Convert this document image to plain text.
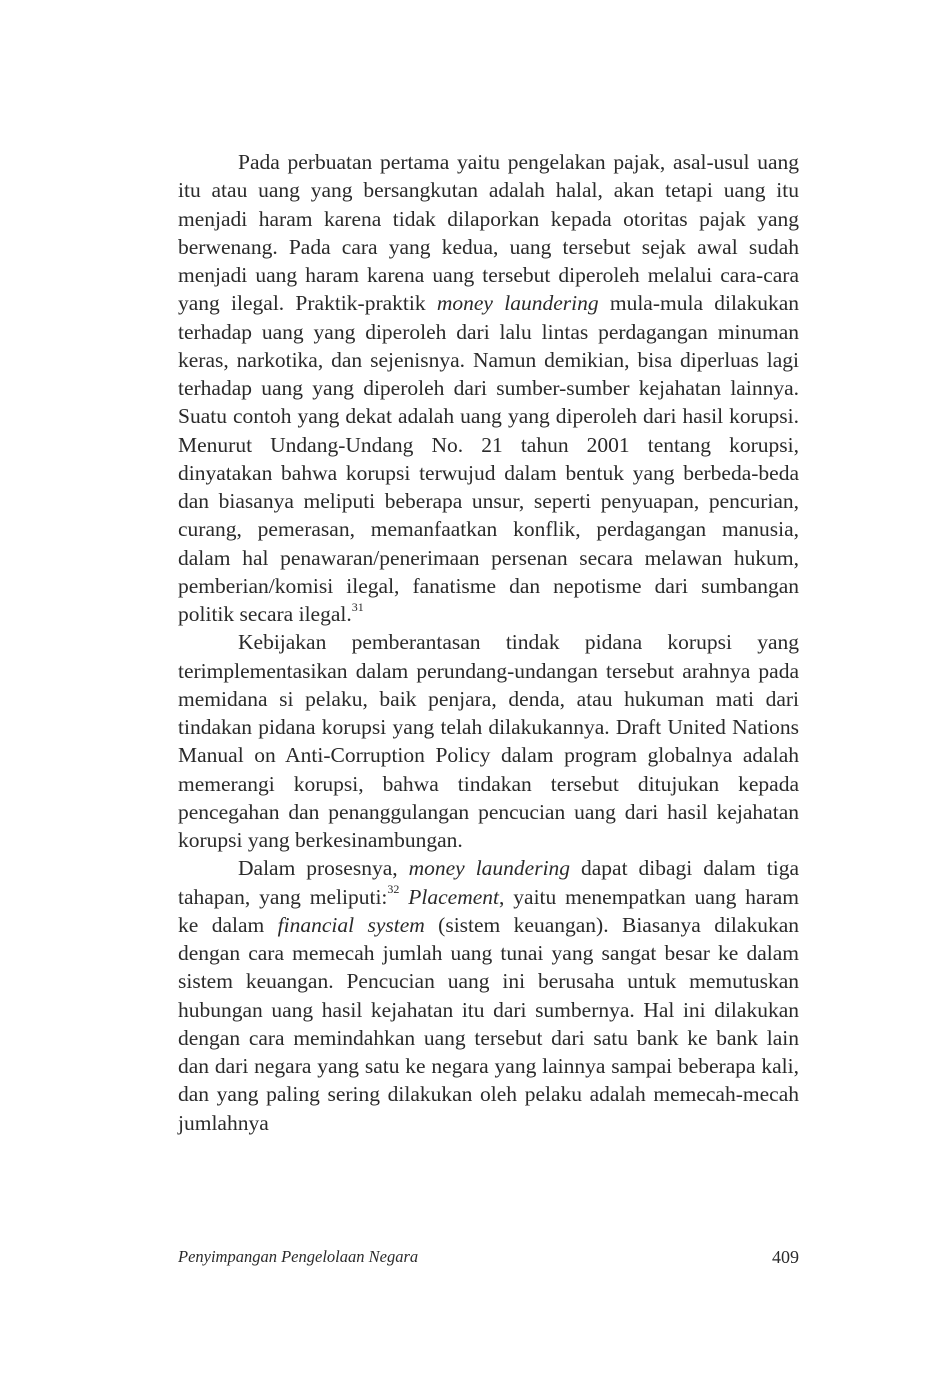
Pada perbuatan pertama yaitu pengelakan pajak, asal-usul uang itu atau uang yang bersangkutan adalah halal, akan tetapi uang itu menjadi haram karena tidak dilaporkan kepada otoritas pajak yang berwenang. Pada cara yang kedua, uang tersebut sejak awal sudah menjadi uang haram karena uang tersebut diperoleh melalui cara-cara yang ilegal. Praktik-praktik money laundering mula-mula dilakukan terhadap uang yang diperoleh dari lalu lintas perdagangan minuman keras, narkotika, dan sejenisnya. Namun demikian, bisa diperluas lagi terhadap uang yang diperoleh dari sumber-sumber kejahatan lainnya. Suatu contoh yang dekat adalah uang yang diperoleh dari hasil korupsi. Menurut Undang-Undang No. 21 tahun 2001 tentang korupsi, dinyatakan bahwa korupsi terwujud dalam bentuk yang berbeda-beda dan biasanya meliputi beberapa unsur, seperti penyuapan, pencurian, curang, pemerasan, memanfaatkan konflik, perdagangan manusia, dalam hal penawaran/penerimaan persenan secara melawan hukum, pemberian/komisi ilegal, fanatisme dan nepotisme dari sumbangan politik secara ilegal.$^{31}$

Kebijakan pemberantasan tindak pidana korupsi yang terimplementasikan dalam perundang-undangan tersebut arahnya pada memidana si pelaku, baik penjara, denda, atau hukuman mati dari tindakan pidana korupsi yang telah dilakukannya. Draft United Nations Manual on Anti-Corruption Policy dalam program globalnya adalah memerangi korupsi, bahwa tindakan tersebut ditujukan kepada pencegahan dan penanggulangan pencucian uang dari hasil kejahatan korupsi yang berkesinambungan.

Dalam prosesnya, money laundering dapat dibagi dalam tiga tahapan, yang meliputi:$^{32}$ Placement, yaitu menempatkan uang haram ke dalam financial system (sistem keuangan). Biasanya dilakukan dengan cara memecah jumlah uang tunai yang sangat besar ke dalam sistem keuangan. Pencucian uang ini berusaha untuk memutuskan hubungan uang hasil kejahatan itu dari sumbernya. Hal ini dilakukan dengan cara memindahkan uang tersebut dari satu bank ke bank lain dan dari negara yang satu ke negara yang lainnya sampai beberapa kali, dan yang paling sering dilakukan oleh pelaku adalah memecah-mecah jumlahnya

Penyimpangan Pengelolaan Negara	409
